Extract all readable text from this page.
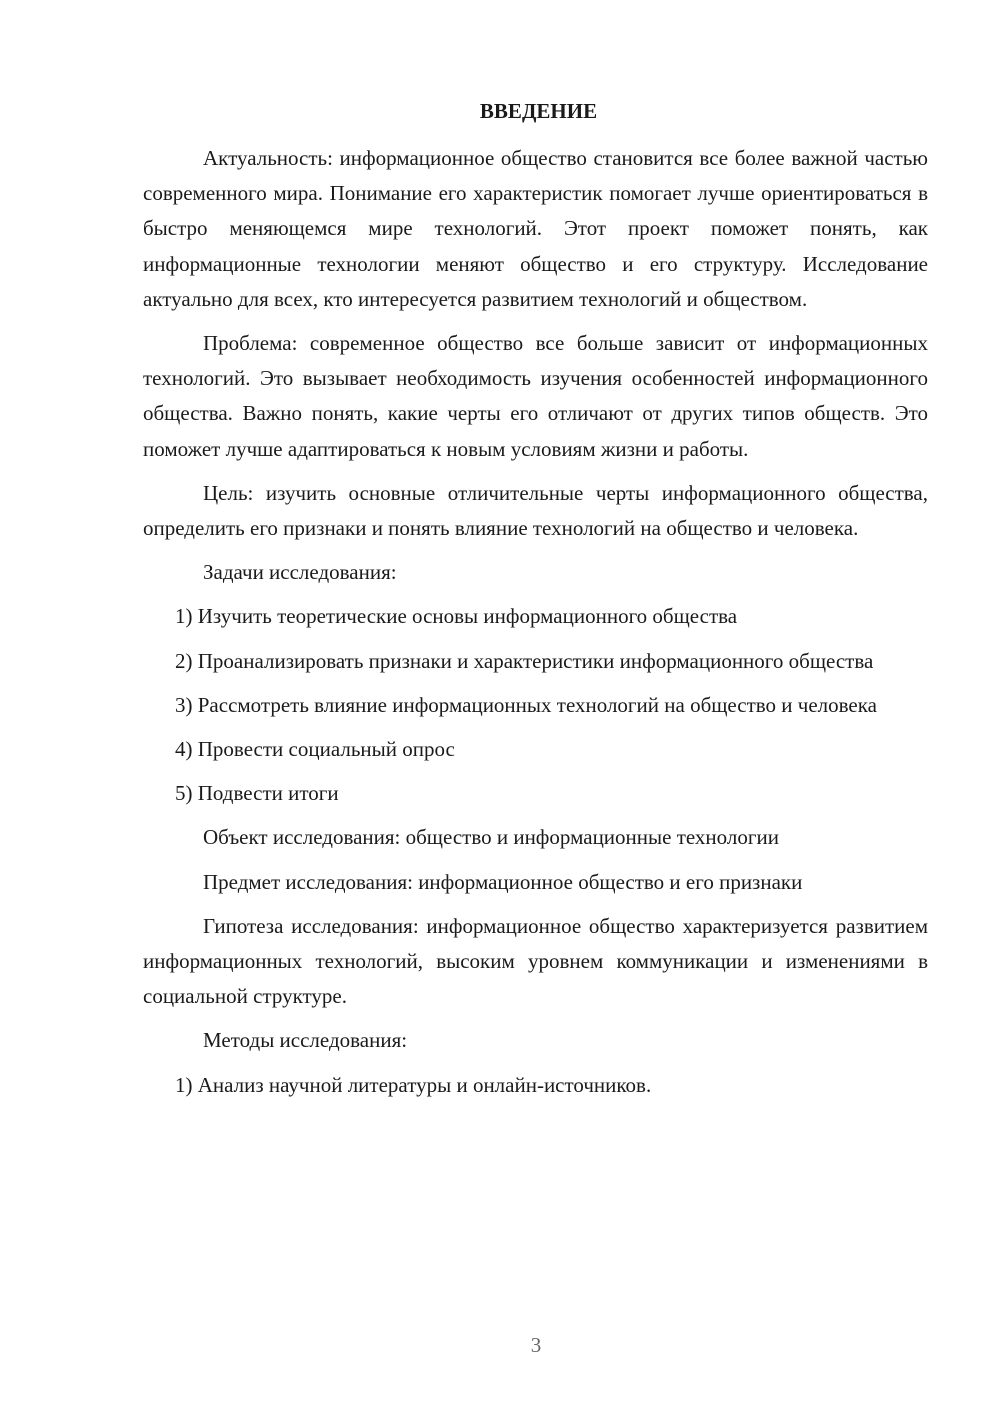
ВВЕДЕНИЕ

Актуальность: информационное общество становится все более важной частью современного мира. Понимание его характеристик помогает лучше ориентироваться в быстро меняющемся мире технологий. Этот проект поможет понять, как информационные технологии меняют общество и его структуру. Исследование актуально для всех, кто интересуется развитием технологий и обществом.

Проблема: современное общество все больше зависит от информационных технологий. Это вызывает необходимость изучения особенностей информационного общества. Важно понять, какие черты его отличают от других типов обществ. Это поможет лучше адаптироваться к новым условиям жизни и работы.

Цель: изучить основные отличительные черты информационного общества, определить его признаки и понять влияние технологий на общество и человека.

Задачи исследования:

1) Изучить теоретические основы информационного общества

2) Проанализировать признаки и характеристики информационного общества

3) Рассмотреть влияние информационных технологий на общество и человека

4) Провести социальный опрос

5) Подвести итоги

Объект исследования: общество и информационные технологии

Предмет исследования: информационное общество и его признаки

Гипотеза исследования: информационное общество характеризуется развитием информационных технологий, высоким уровнем коммуникации и изменениями в социальной структуре.

Методы исследования:

1) Анализ научной литературы и онлайн-источников.

3
